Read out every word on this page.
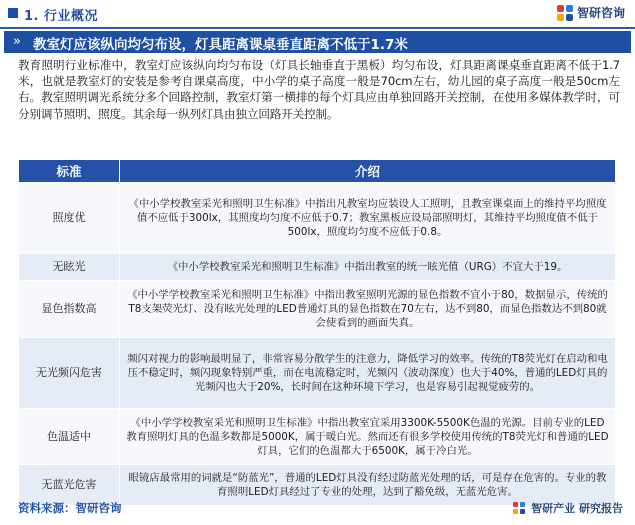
1. 行业概况	智研咨询
» 教室灯应该纵向均匀布设，灯具距离课桌垂直距离不低于1.7米
教育照明行业标准中，教室灯应该纵向均匀布设（灯具长轴垂直于黑板）均匀布设，灯具距离课桌垂直距离不低于1.7米，也就是教室灯的安装是参考自课桌高度，中小学的桌子高度一般是70cm左右，幼儿园的桌子高度一般是50cm左右。教室照明调光系统分多个回路控制，教室灯第一横排的每个灯具应由单独回路开关控制，在使用多媒体教学时，可分别调节照明、照度。其余每一纵列灯具由独立回路开关控制。
标准	介绍
照度优	《中小学校教室采光和照明卫生标准》中指出凡教室均应装设人工照明，且教室课桌面上的维持平均照度值不应低于300lx，其照度均匀度不应低于0.7；教室黑板应设局部照明灯，其维持平均照度值不低于500lx，照度均匀度不应低于0.8。
无眩光	《中小学校教室采光和照明卫生标准》中指出教室的统一眩光值（URG）不宜大于19。
显色指数高	《中小学学校教室采光和照明卫生标准》中指出教室照明光源的显色指数不宜小于80，数据显示，传统的T8支架荧光灯、没有眩光处理的LED普通灯具的显色指数在70左右，达不到80，而显色指数达不到80就会使看到的画面失真。
无光频闪危害	频闪对视力的影响最明显了，非常容易分散学生的注意力，降低学习的效率。传统的T8荧光灯在启动和电压不稳定时，频闪现象特别严重，而在电流稳定时，光频闪（波动深度）也大于40%，普通的LED灯具的光频闪也大于20%，长时间在这种环境下学习，也是容易引起视觉疲劳的。
色温适中	《中小学学校教室采光和照明卫生标准》中指出教室宜采用3300K-5500K色温的光源。目前专业的LED教育照明灯具的色温多数都是5000K，属于暖白光。然而还有很多学校使用传统的T8荧光灯和普通的LED灯具，它们的色温都大于6500K，属于冷白光。
无蓝光危害	眼镜店最常用的词就是“防蓝光”，普通的LED灯具没有经过防蓝光处理的话，可是存在危害的。专业的教育照明LED灯具经过了专业的处理，达到了豁免级，无蓝光危害。
资料来源：智研咨询	智研产业 研究报告
